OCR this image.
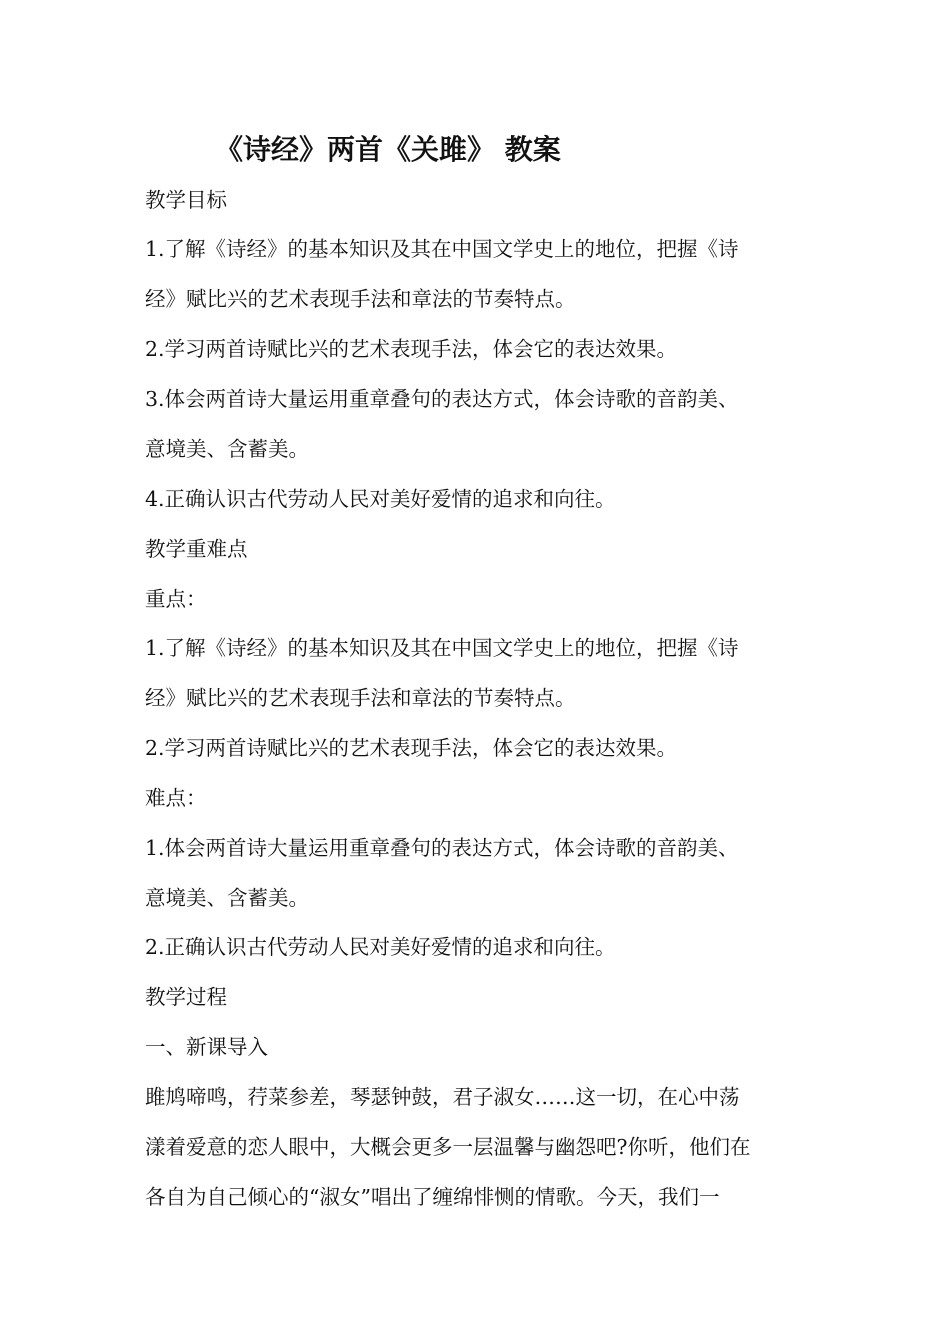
《诗经》两首《关雎》 教案
教学目标
1.了解《诗经》的基本知识及其在中国文学史上的地位，把握《诗
经》赋比兴的艺术表现手法和章法的节奏特点。
2.学习两首诗赋比兴的艺术表现手法，体会它的表达效果。
3.体会两首诗大量运用重章叠句的表达方式，体会诗歌的音韵美、
意境美、含蓄美。
4.正确认识古代劳动人民对美好爱情的追求和向往。
教学重难点
重点：
1.了解《诗经》的基本知识及其在中国文学史上的地位，把握《诗
经》赋比兴的艺术表现手法和章法的节奏特点。
2.学习两首诗赋比兴的艺术表现手法，体会它的表达效果。
难点：
1.体会两首诗大量运用重章叠句的表达方式，体会诗歌的音韵美、
意境美、含蓄美。
2.正确认识古代劳动人民对美好爱情的追求和向往。
教学过程
一、新课导入
雎鸠啼鸣，荇菜参差，琴瑟钟鼓，君子淑女……这一切，在心中荡
漾着爱意的恋人眼中，大概会更多一层温馨与幽怨吧?你听，他们在
各自为自己倾心的“淑女”唱出了缠绵悱恻的情歌。今天，我们一
